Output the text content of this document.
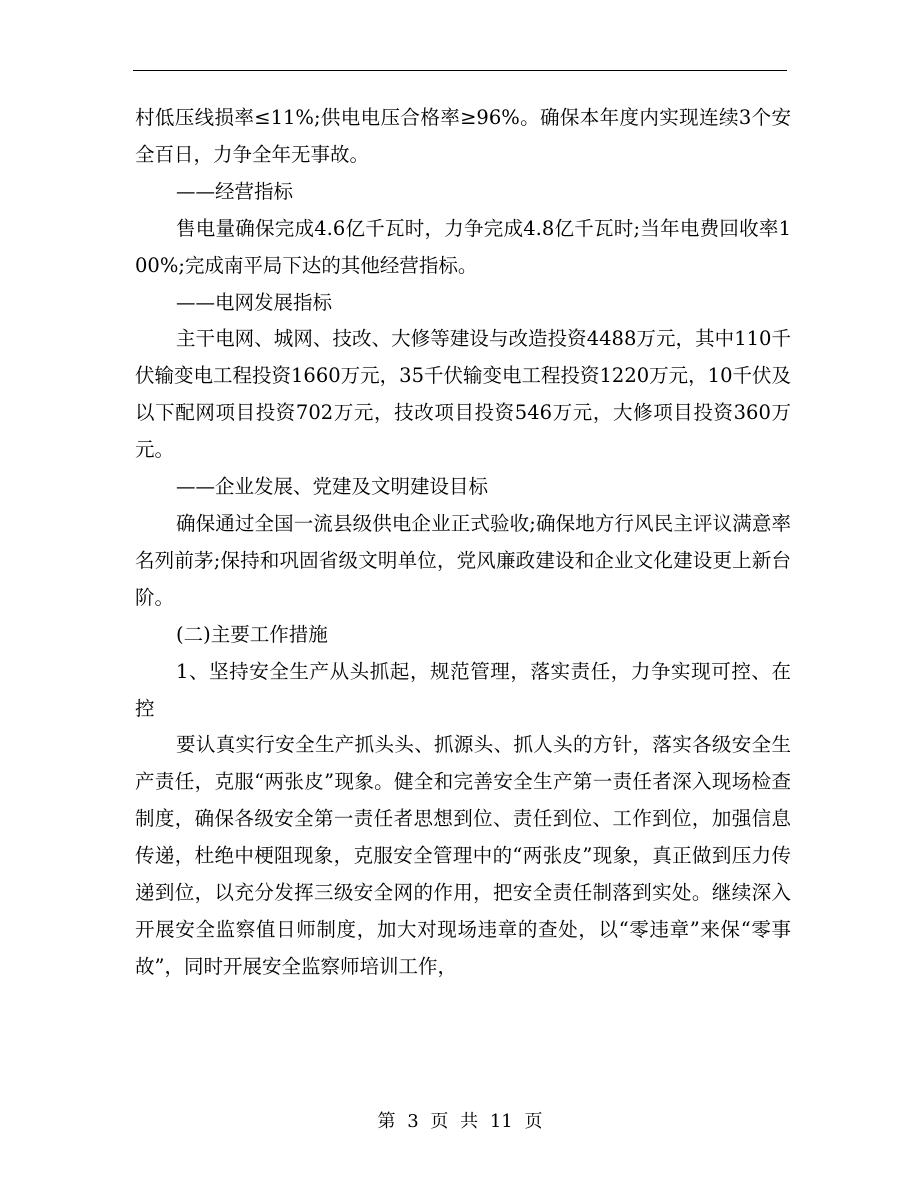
村低压线损率≤11%;供电电压合格率≥96%。确保本年度内实现连续3个安全百日，力争全年无事故。

——经营指标

售电量确保完成4.6亿千瓦时，力争完成4.8亿千瓦时;当年电费回收率100%;完成南平局下达的其他经营指标。

——电网发展指标

主干电网、城网、技改、大修等建设与改造投资4488万元，其中110千伏输变电工程投资1660万元，35千伏输变电工程投资1220万元，10千伏及以下配网项目投资702万元，技改项目投资546万元，大修项目投资360万元。

——企业发展、党建及文明建设目标

确保通过全国一流县级供电企业正式验收;确保地方行风民主评议满意率名列前茅;保持和巩固省级文明单位，党风廉政建设和企业文化建设更上新台阶。

(二)主要工作措施

1、坚持安全生产从头抓起，规范管理，落实责任，力争实现可控、在控

要认真实行安全生产抓头头、抓源头、抓人头的方针，落实各级安全生产责任，克服“两张皮”现象。健全和完善安全生产第一责任者深入现场检查制度，确保各级安全第一责任者思想到位、责任到位、工作到位，加强信息传递，杜绝中梗阻现象，克服安全管理中的“两张皮”现象，真正做到压力传递到位，以充分发挥三级安全网的作用，把安全责任制落到实处。继续深入开展安全监察值日师制度，加大对现场违章的查处，以“零违章”来保“零事故”，同时开展安全监察师培训工作，

第 3 页 共 11 页
